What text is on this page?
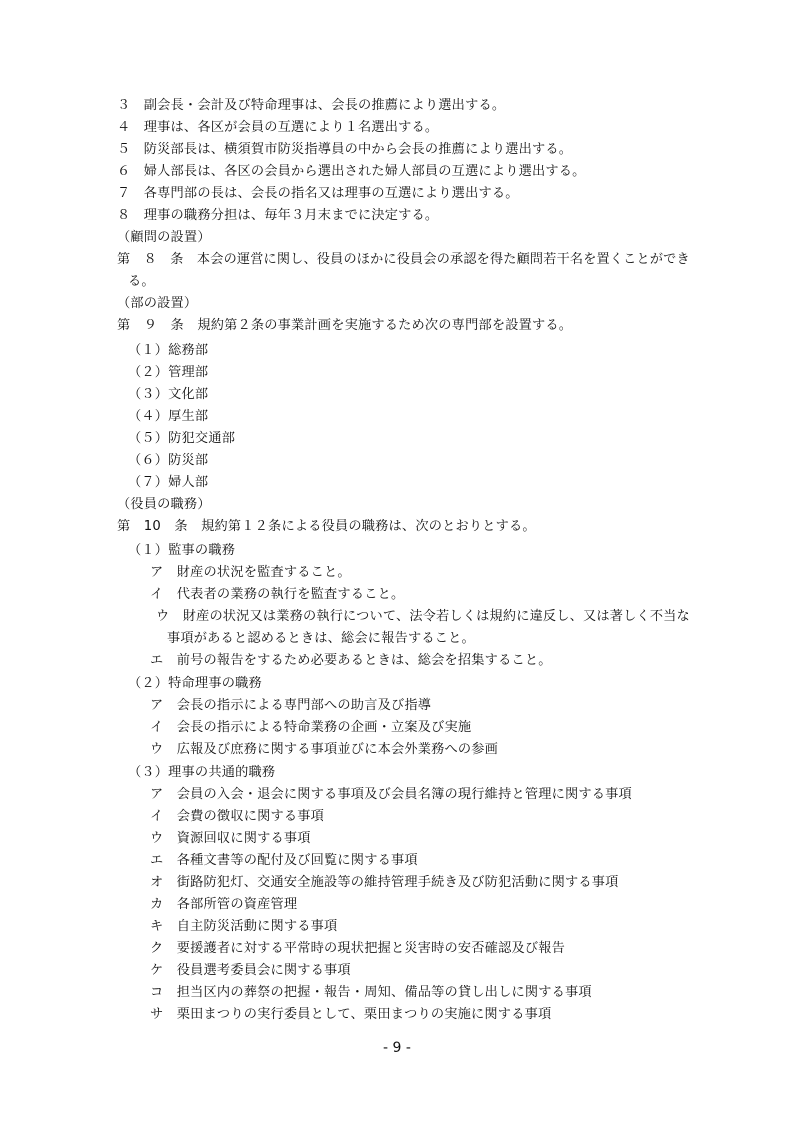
３　副会長・会計及び特命理事は、会長の推薦により選出する。
４　理事は、各区が会員の互選により１名選出する。
５　防災部長は、横須賀市防災指導員の中から会長の推薦により選出する。
６　婦人部長は、各区の会員から選出された婦人部員の互選により選出する。
７　各専門部の長は、会長の指名又は理事の互選により選出する。
８　理事の職務分担は、毎年３月末までに決定する。
（顧問の設置）
第　８　条　本会の運営に関し、役員のほかに役員会の承認を得た顧問若干名を置くことができ
る。
（部の設置）
第　９　条　規約第２条の事業計画を実施するため次の専門部を設置する。
（１）総務部
（２）管理部
（３）文化部
（４）厚生部
（５）防犯交通部
（６）防災部
（７）婦人部
（役員の職務）
第　10　条　規約第１２条による役員の職務は、次のとおりとする。
（１）監事の職務
ア　財産の状況を監査すること。
イ　代表者の業務の執行を監査すること。
ウ　財産の状況又は業務の執行について、法令若しくは規約に違反し、又は著しく不当な
事項があると認めるときは、総会に報告すること。
エ　前号の報告をするため必要あるときは、総会を招集すること。
（２）特命理事の職務
ア　会長の指示による専門部への助言及び指導
イ　会長の指示による特命業務の企画・立案及び実施
ウ　広報及び庶務に関する事項並びに本会外業務への参画
（３）理事の共通的職務
ア　会員の入会・退会に関する事項及び会員名簿の現行維持と管理に関する事項
イ　会費の徴収に関する事項
ウ　資源回収に関する事項
エ　各種文書等の配付及び回覧に関する事項
オ　街路防犯灯、交通安全施設等の維持管理手続き及び防犯活動に関する事項
カ　各部所管の資産管理
キ　自主防災活動に関する事項
ク　要援護者に対する平常時の現状把握と災害時の安否確認及び報告
ケ　役員選考委員会に関する事項
コ　担当区内の葬祭の把握・報告・周知、備品等の貸し出しに関する事項
サ　栗田まつりの実行委員として、栗田まつりの実施に関する事項
- 9 -
